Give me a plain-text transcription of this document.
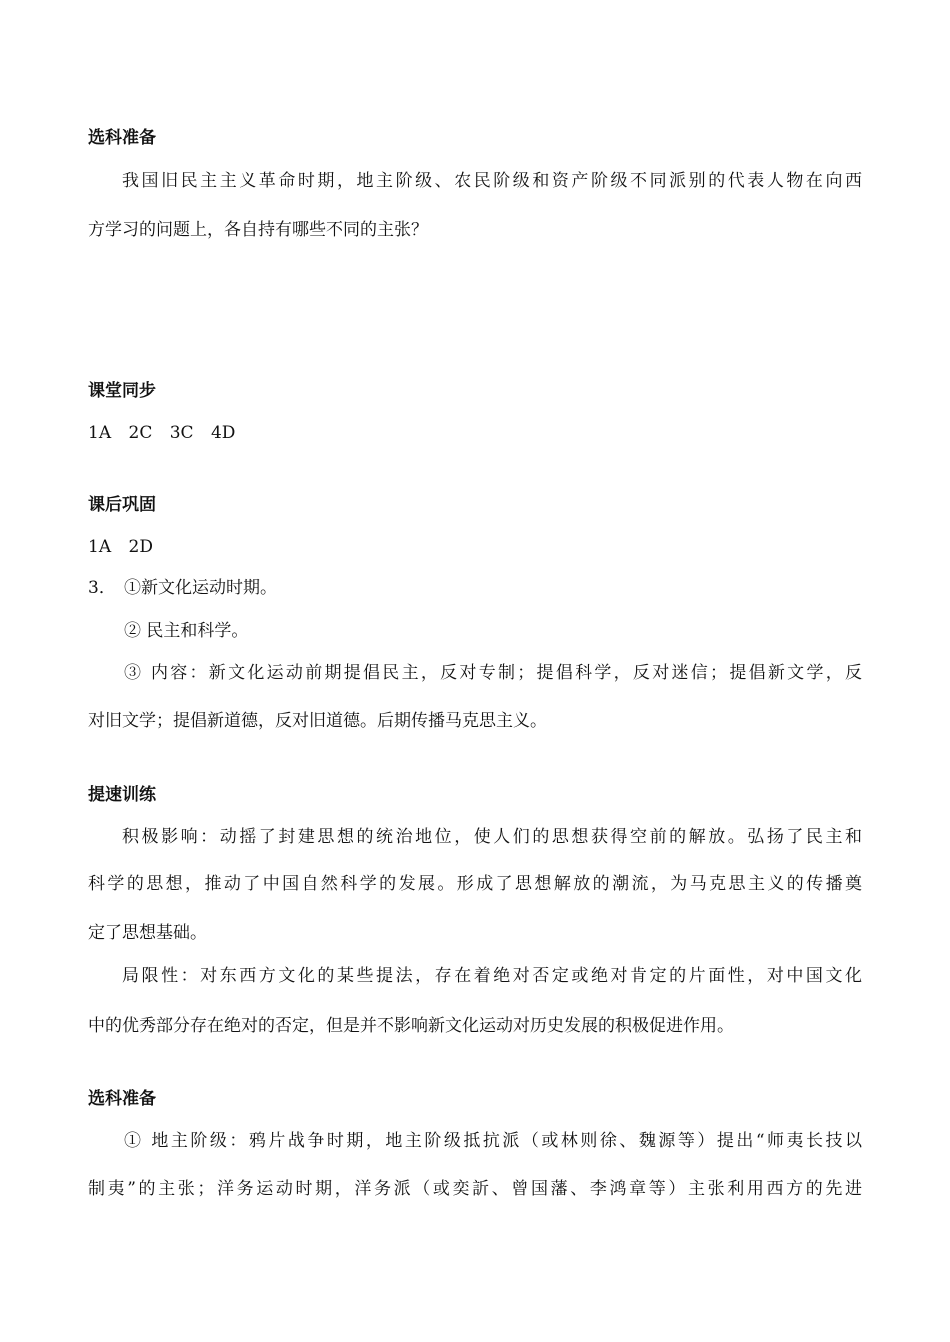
选科准备
我国旧民主主义革命时期，地主阶级、农民阶级和资产阶级不同派别的代表人物在向西
方学习的问题上，各自持有哪些不同的主张？
课堂同步
1A 2C 3C 4D
课后巩固
1A 2D
3． ①新文化运动时期。
② 民主和科学。
③ 内容：新文化运动前期提倡民主，反对专制；提倡科学，反对迷信；提倡新文学，反
对旧文学；提倡新道德，反对旧道德。后期传播马克思主义。
提速训练
积极影响：动摇了封建思想的统治地位，使人们的思想获得空前的解放。弘扬了民主和
科学的思想，推动了中国自然科学的发展。形成了思想解放的潮流，为马克思主义的传播奠
定了思想基础。
局限性：对东西方文化的某些提法，存在着绝对否定或绝对肯定的片面性，对中国文化
中的优秀部分存在绝对的否定，但是并不影响新文化运动对历史发展的积极促进作用。
选科准备
① 地主阶级：鸦片战争时期，地主阶级抵抗派（或林则徐、魏源等）提出“师夷长技以
制夷”的主张；洋务运动时期，洋务派（或奕訢、曾国藩、李鸿章等）主张利用西方的先进
